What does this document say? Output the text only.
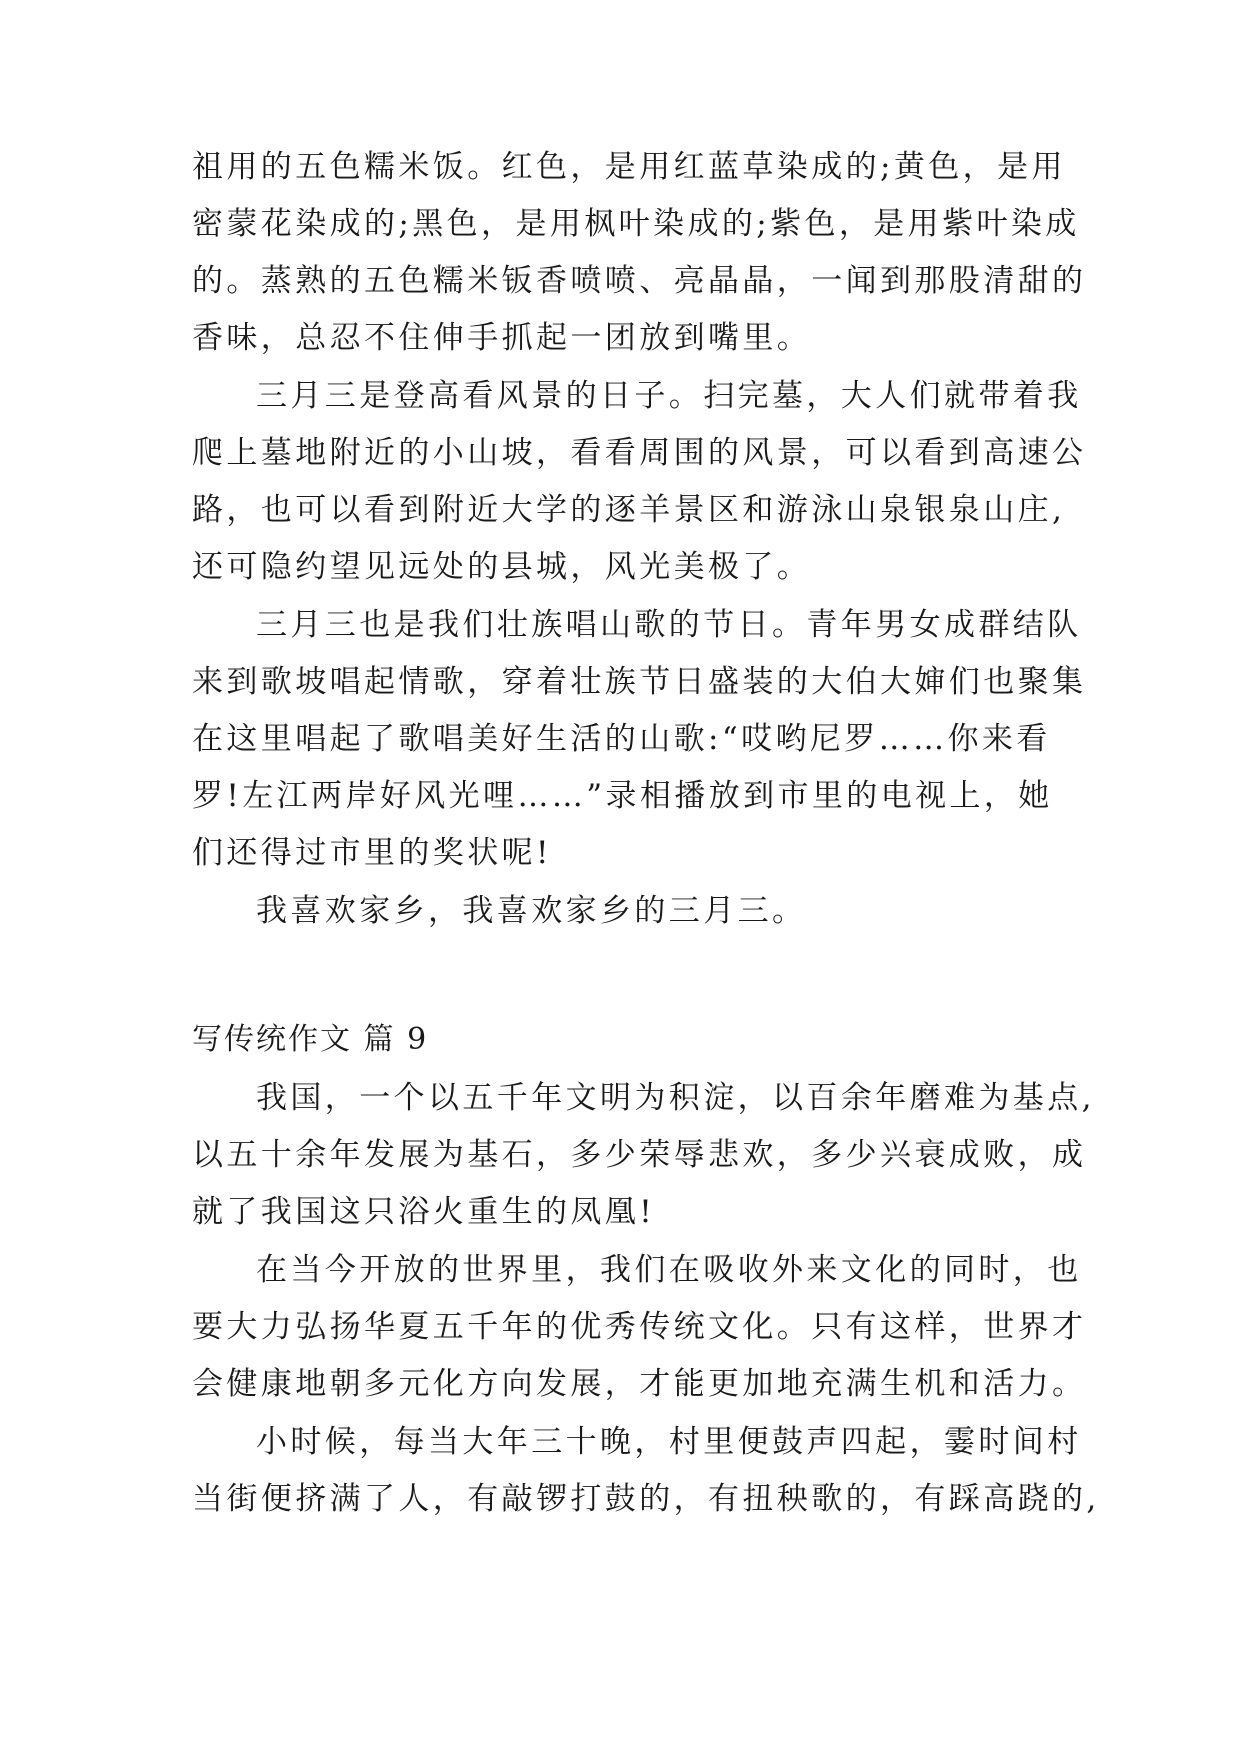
祖用的五色糯米饭。红色，是用红蓝草染成的;黄色，是用
密蒙花染成的;黑色，是用枫叶染成的;紫色，是用紫叶染成
的。蒸熟的五色糯米钣香喷喷、亮晶晶，一闻到那股清甜的
香味，总忍不住伸手抓起一团放到嘴里。
三月三是登高看风景的日子。扫完墓，大人们就带着我
爬上墓地附近的小山坡，看看周围的风景，可以看到高速公
路，也可以看到附近大学的逐羊景区和游泳山泉银泉山庄,
还可隐约望见远处的县城，风光美极了。
三月三也是我们壮族唱山歌的节日。青年男女成群结队
来到歌坡唱起情歌，穿着壮族节日盛装的大伯大婶们也聚集
在这里唱起了歌唱美好生活的山歌:“哎哟尼罗……你来看
罗!左江两岸好风光哩……”录相播放到市里的电视上，她
们还得过市里的奖状呢!
我喜欢家乡，我喜欢家乡的三月三。
写传统作文 篇 9
我国，一个以五千年文明为积淀，以百余年磨难为基点,
以五十余年发展为基石，多少荣辱悲欢，多少兴衰成败，成
就了我国这只浴火重生的凤凰!
在当今开放的世界里，我们在吸收外来文化的同时，也
要大力弘扬华夏五千年的优秀传统文化。只有这样，世界才
会健康地朝多元化方向发展，才能更加地充满生机和活力。
小时候，每当大年三十晚，村里便鼓声四起，霎时间村
当街便挤满了人，有敲锣打鼓的，有扭秧歌的，有踩高跷的,
